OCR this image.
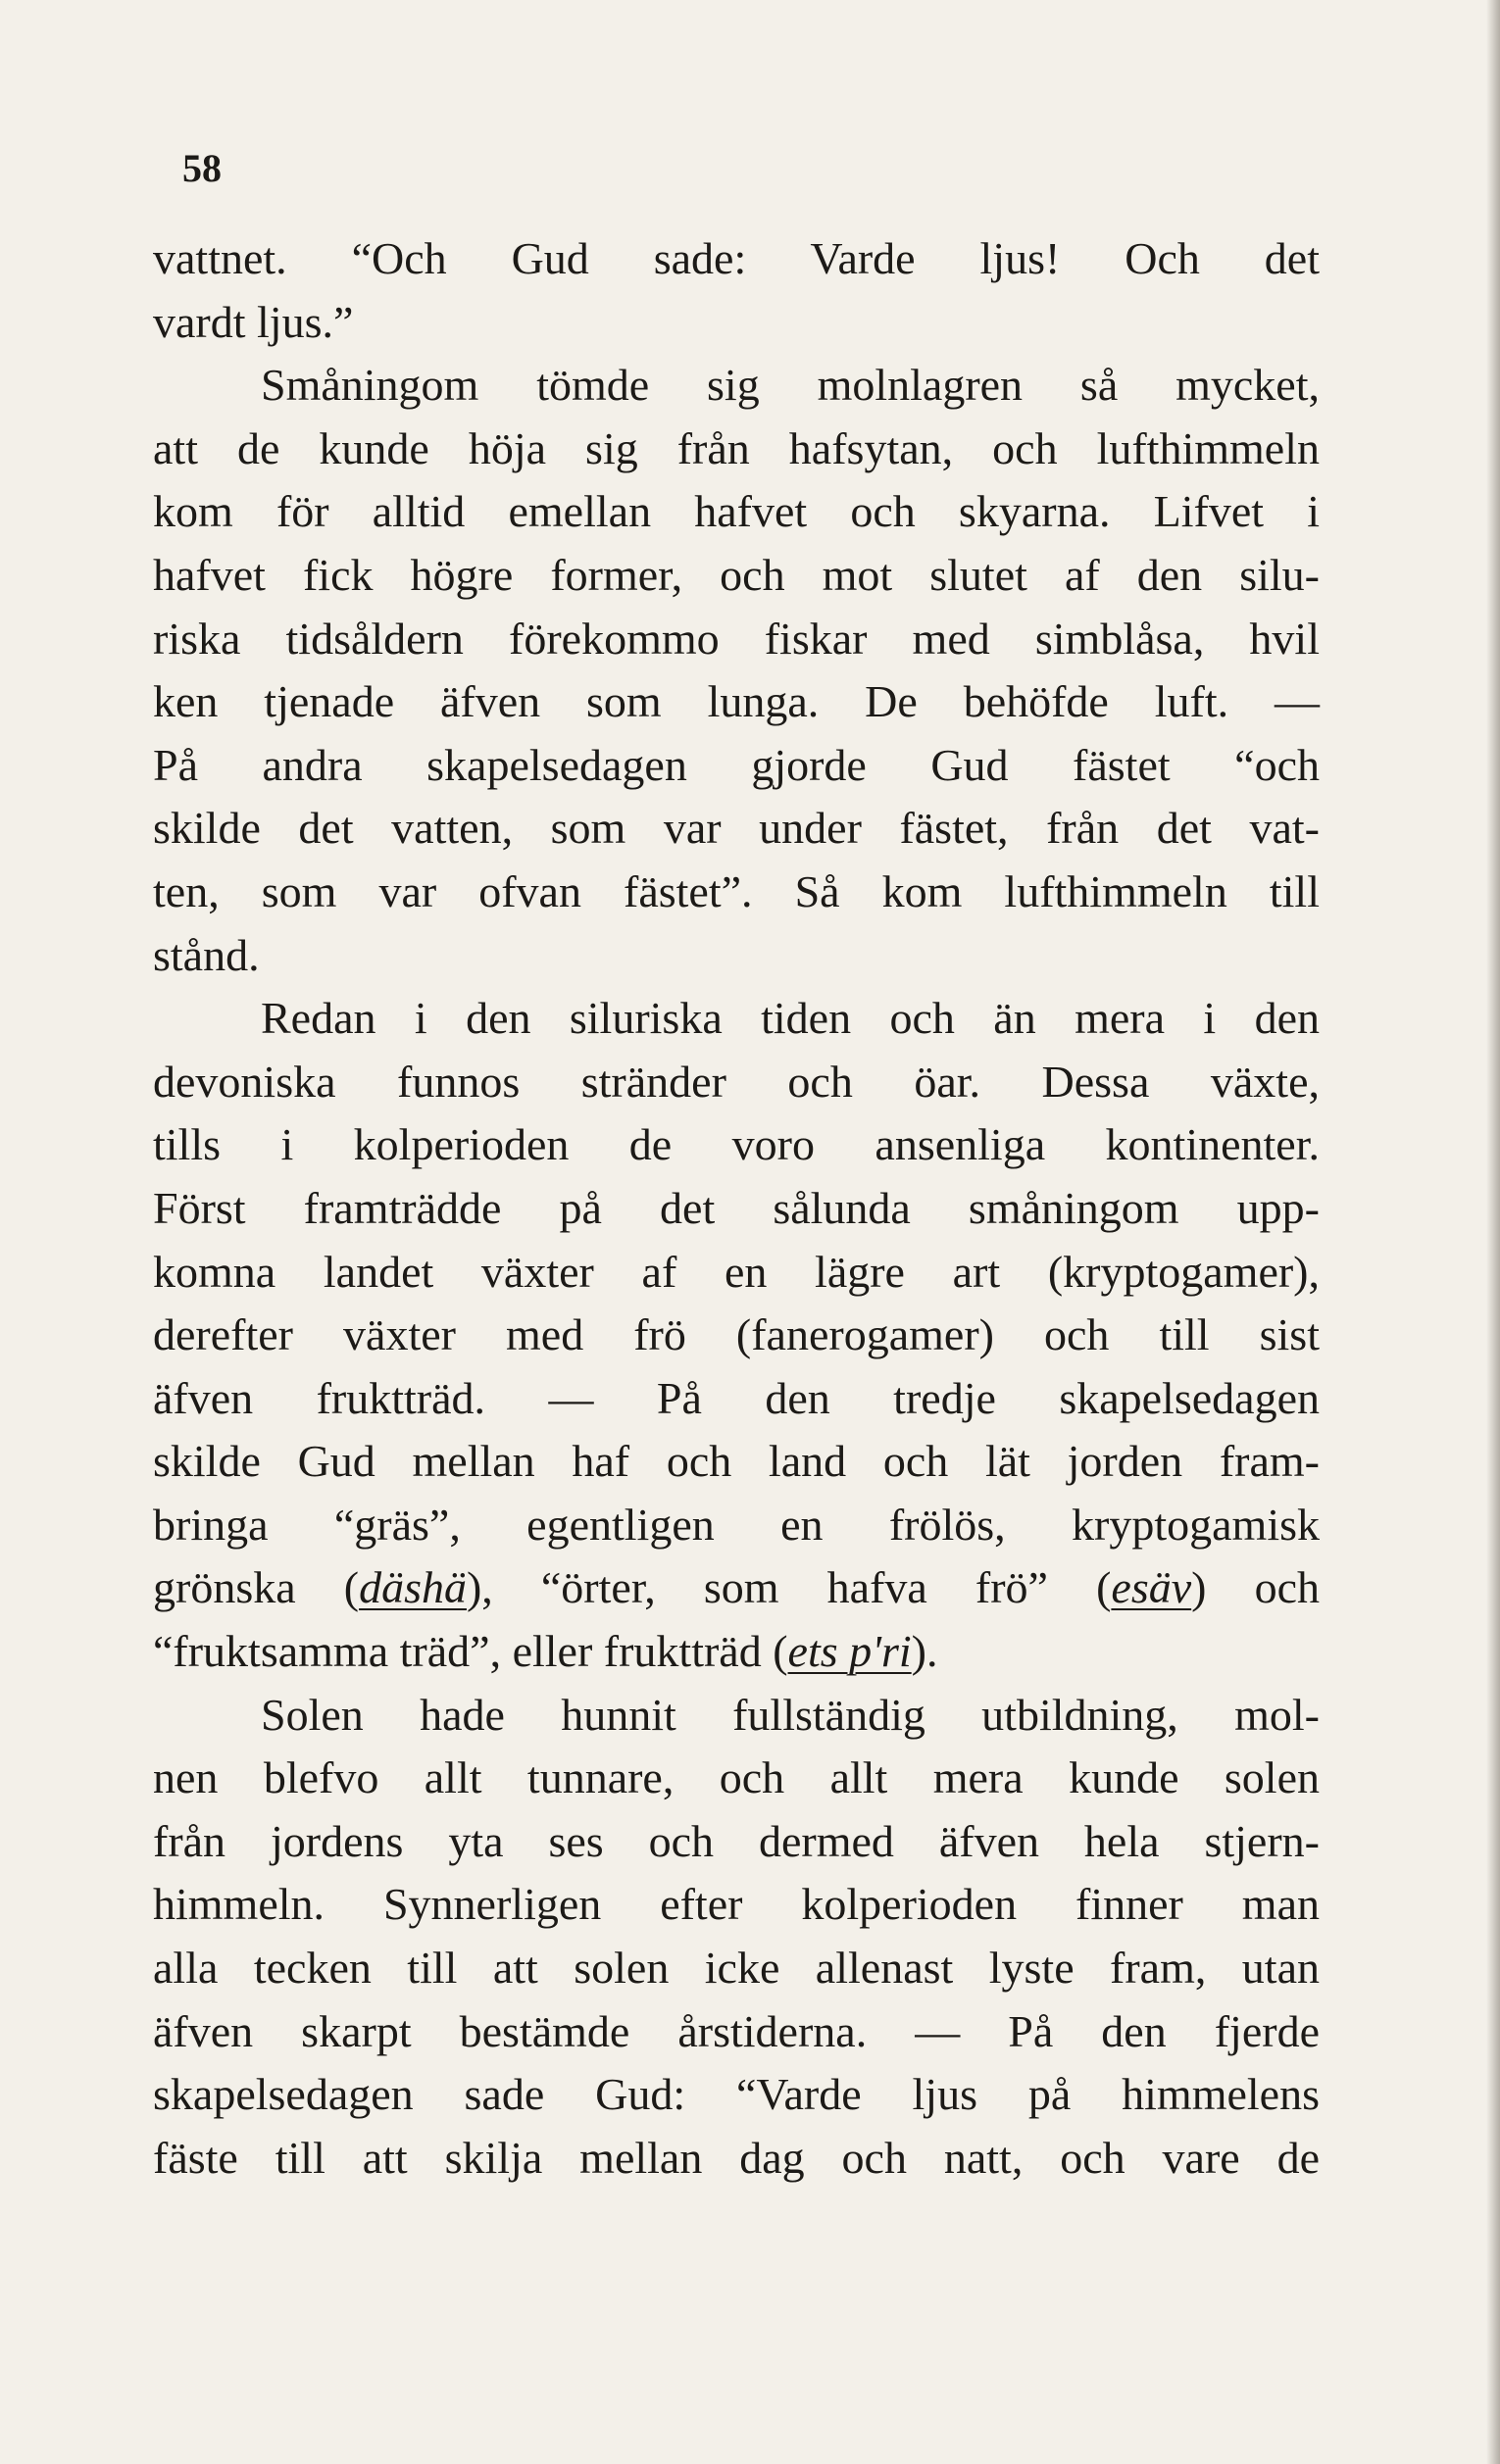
58
vattnet. “Och Gud sade: Varde ljus! Och det
vardt ljus.”
Småningom tömde sig molnlagren så mycket,
att de kunde höja sig från hafsytan, och lufthimmeln
kom för alltid emellan hafvet och skyarna. Lifvet i
hafvet fick högre former, och mot slutet af den silu-
riska tidsåldern förekommo fiskar med simblåsa, hvil
ken tjenade äfven som lunga. De behöfde luft. —
På andra skapelsedagen gjorde Gud fästet “och
skilde det vatten, som var under fästet, från det vat-
ten, som var ofvan fästet”. Så kom lufthimmeln till
stånd.
Redan i den siluriska tiden och än mera i den
devoniska funnos stränder och öar. Dessa växte,
tills i kolperioden de voro ansenliga kontinenter.
Först framträdde på det sålunda småningom upp-
komna landet växter af en lägre art (kryptogamer),
derefter växter med frö (fanerogamer) och till sist
äfven fruktträd. — På den tredje skapelsedagen
skilde Gud mellan haf och land och lät jorden fram-
bringa “gräs”, egentligen en frölös, kryptogamisk
grönska (däshä), “örter, som hafva frö” (esäv) och
“fruktsamma träd”, eller fruktträd (ets p'ri).
Solen hade hunnit fullständig utbildning, mol-
nen blefvo allt tunnare, och allt mera kunde solen
från jordens yta ses och dermed äfven hela stjern-
himmeln. Synnerligen efter kolperioden finner man
alla tecken till att solen icke allenast lyste fram, utan
äfven skarpt bestämde årstiderna. — På den fjerde
skapelsedagen sade Gud: “Varde ljus på himmelens
fäste till att skilja mellan dag och natt, och vare de
